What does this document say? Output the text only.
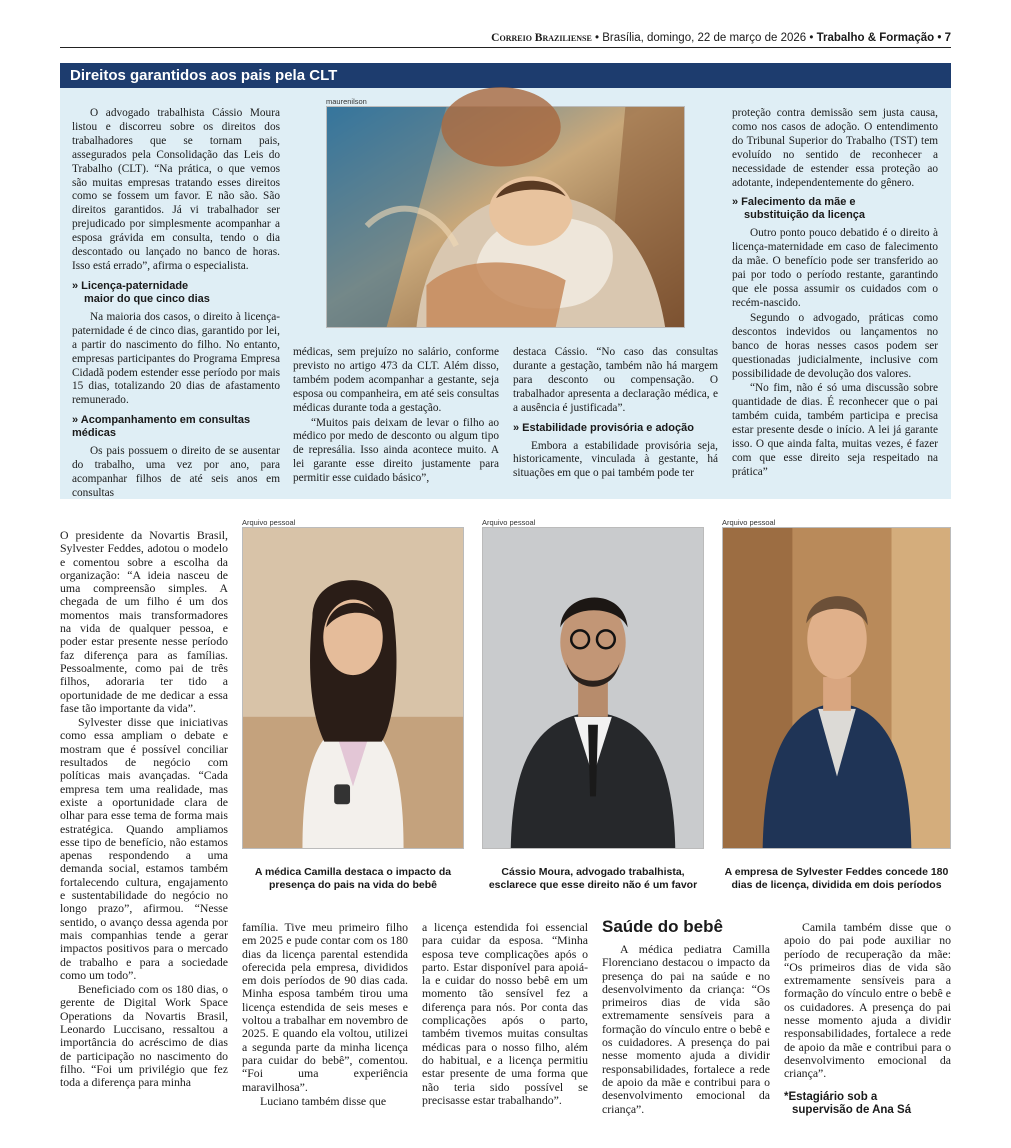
Correio Braziliense • Brasília, domingo, 22 de março de 2026 • Trabalho & Formação • 7
Direitos garantidos aos pais pela CLT

O advogado trabalhista Cássio Moura listou e discorreu sobre os direitos dos trabalhadores que se tornam pais, assegurados pela Consolidação das Leis do Trabalho (CLT). “Na prática, o que vemos são muitas empresas tratando esses direitos como se fossem um favor. E não são. São direitos garantidos. Já vi trabalhador ser prejudicado por simplesmente acompanhar a esposa grávida em consulta, tendo o dia descontado ou lançado no banco de horas. Isso está errado”, afirma o especialista.

» Licença-paternidade
maior do que cinco dias

Na maioria dos casos, o direito à licença-paternidade é de cinco dias, garantido por lei, a partir do nascimento do filho. No entanto, empresas participantes do Programa Empresa Cidadã podem estender esse período por mais 15 dias, totalizando 20 dias de afastamento remunerado.

» Acompanhamento em consultas médicas

Os pais possuem o direito de se ausentar do trabalho, uma vez por ano, para acompanhar filhos de até seis anos em consultas

maurenilson

médicas, sem prejuízo no salário, conforme previsto no artigo 473 da CLT. Além disso, também podem acompanhar a gestante, seja esposa ou companheira, em até seis consultas médicas durante toda a gestação.

“Muitos pais deixam de levar o filho ao médico por medo de desconto ou algum tipo de represália. Isso ainda acontece muito. A lei garante esse direito justamente para permitir esse cuidado básico”,

destaca Cássio. “No caso das consultas durante a gestação, também não há margem para desconto ou compensação. O trabalhador apresenta a declaração médica, e a ausência é justificada”.

» Estabilidade provisória e adoção

Embora a estabilidade provisória seja, historicamente, vinculada à gestante, há situações em que o pai também pode ter

proteção contra demissão sem justa causa, como nos casos de adoção. O entendimento do Tribunal Superior do Trabalho (TST) tem evoluído no sentido de reconhecer a necessidade de estender essa proteção ao adotante, independentemente do gênero.

» Falecimento da mãe e
substituição da licença

Outro ponto pouco debatido é o direito à licença-maternidade em caso de falecimento da mãe. O benefício pode ser transferido ao pai por todo o período restante, garantindo que ele possa assumir os cuidados com o recém-nascido.

Segundo o advogado, práticas como descontos indevidos ou lançamentos no banco de horas nesses casos podem ser questionadas judicialmente, inclusive com possibilidade de devolução dos valores.

“No fim, não é só uma discussão sobre quantidade de dias. É reconhecer que o pai também cuida, também participa e precisa estar presente desde o início. A lei já garante isso. O que ainda falta, muitas vezes, é fazer com que esse direito seja respeitado na prática”

O presidente da Novartis Brasil, Sylvester Feddes, adotou o modelo e comentou sobre a escolha da organização: “A ideia nasceu de uma compreensão simples. A chegada de um filho é um dos momentos mais transformadores na vida de qualquer pessoa, e poder estar presente nesse período faz diferença para as famílias. Pessoalmente, como pai de três filhos, adoraria ter tido a oportunidade de me dedicar a essa fase tão importante da vida”.

Sylvester disse que iniciativas como essa ampliam o debate e mostram que é possível conciliar resultados de negócio com políticas mais avançadas. “Cada empresa tem uma realidade, mas existe a oportunidade clara de olhar para esse tema de forma mais estratégica. Quando ampliamos esse tipo de benefício, não estamos apenas respondendo a uma demanda social, estamos também fortalecendo cultura, engajamento e sustentabilidade do negócio no longo prazo”, afirmou. “Nesse sentido, o avanço dessa agenda por mais companhias tende a gerar impactos positivos para o mercado de trabalho e para a sociedade como um todo”.

Beneficiado com os 180 dias, o gerente de Digital Work Space Operations da Novartis Brasil, Leonardo Luccisano, ressaltou a importância do acréscimo de dias de participação no nascimento do filho. “Foi um privilégio que fez toda a diferença para minha

Arquivo pessoal
A médica Camilla destaca o impacto da presença do pais na vida do bebê
Arquivo pessoal
Cássio Moura, advogado trabalhista, esclarece que esse direito não é um favor
Arquivo pessoal
A empresa de Sylvester Feddes concede 180 dias de licença, dividida em dois períodos

família. Tive meu primeiro filho em 2025 e pude contar com os 180 dias da licença parental estendida oferecida pela empresa, divididos em dois períodos de 90 dias cada. Minha esposa também tirou uma licença estendida de seis meses e voltou a trabalhar em novembro de 2025. E quando ela voltou, utilizei a segunda parte da minha licença para cuidar do bebê”, comentou. “Foi uma experiência maravilhosa”.

Luciano também disse que

a licença estendida foi essencial para cuidar da esposa. “Minha esposa teve complicações após o parto. Estar disponível para apoiá-la e cuidar do nosso bebê em um momento tão sensível fez a diferença para nós. Por conta das complicações após o parto, também tivemos muitas consultas médicas para o nosso filho, além do habitual, e a licença permitiu estar presente de uma forma que não teria sido possível se precisasse estar trabalhando”.

Saúde do bebê

A médica pediatra Camilla Florenciano destacou o impacto da presença do pai na saúde e no desenvolvimento da criança: “Os primeiros dias de vida são extremamente sensíveis para a formação do vínculo entre o bebê e os cuidadores. A presença do pai nesse momento ajuda a dividir responsabilidades, fortalece a rede de apoio da mãe e contribui para o desenvolvimento emocional da criança”.

Camila também disse que o apoio do pai pode auxiliar no período de recuperação da mãe: “Os primeiros dias de vida são extremamente sensíveis para a formação do vínculo entre o bebê e os cuidadores. A presença do pai nesse momento ajuda a dividir responsabilidades, fortalece a rede de apoio da mãe e contribui para o desenvolvimento emocional da criança”.

*Estagiário sob a
supervisão de Ana Sá
